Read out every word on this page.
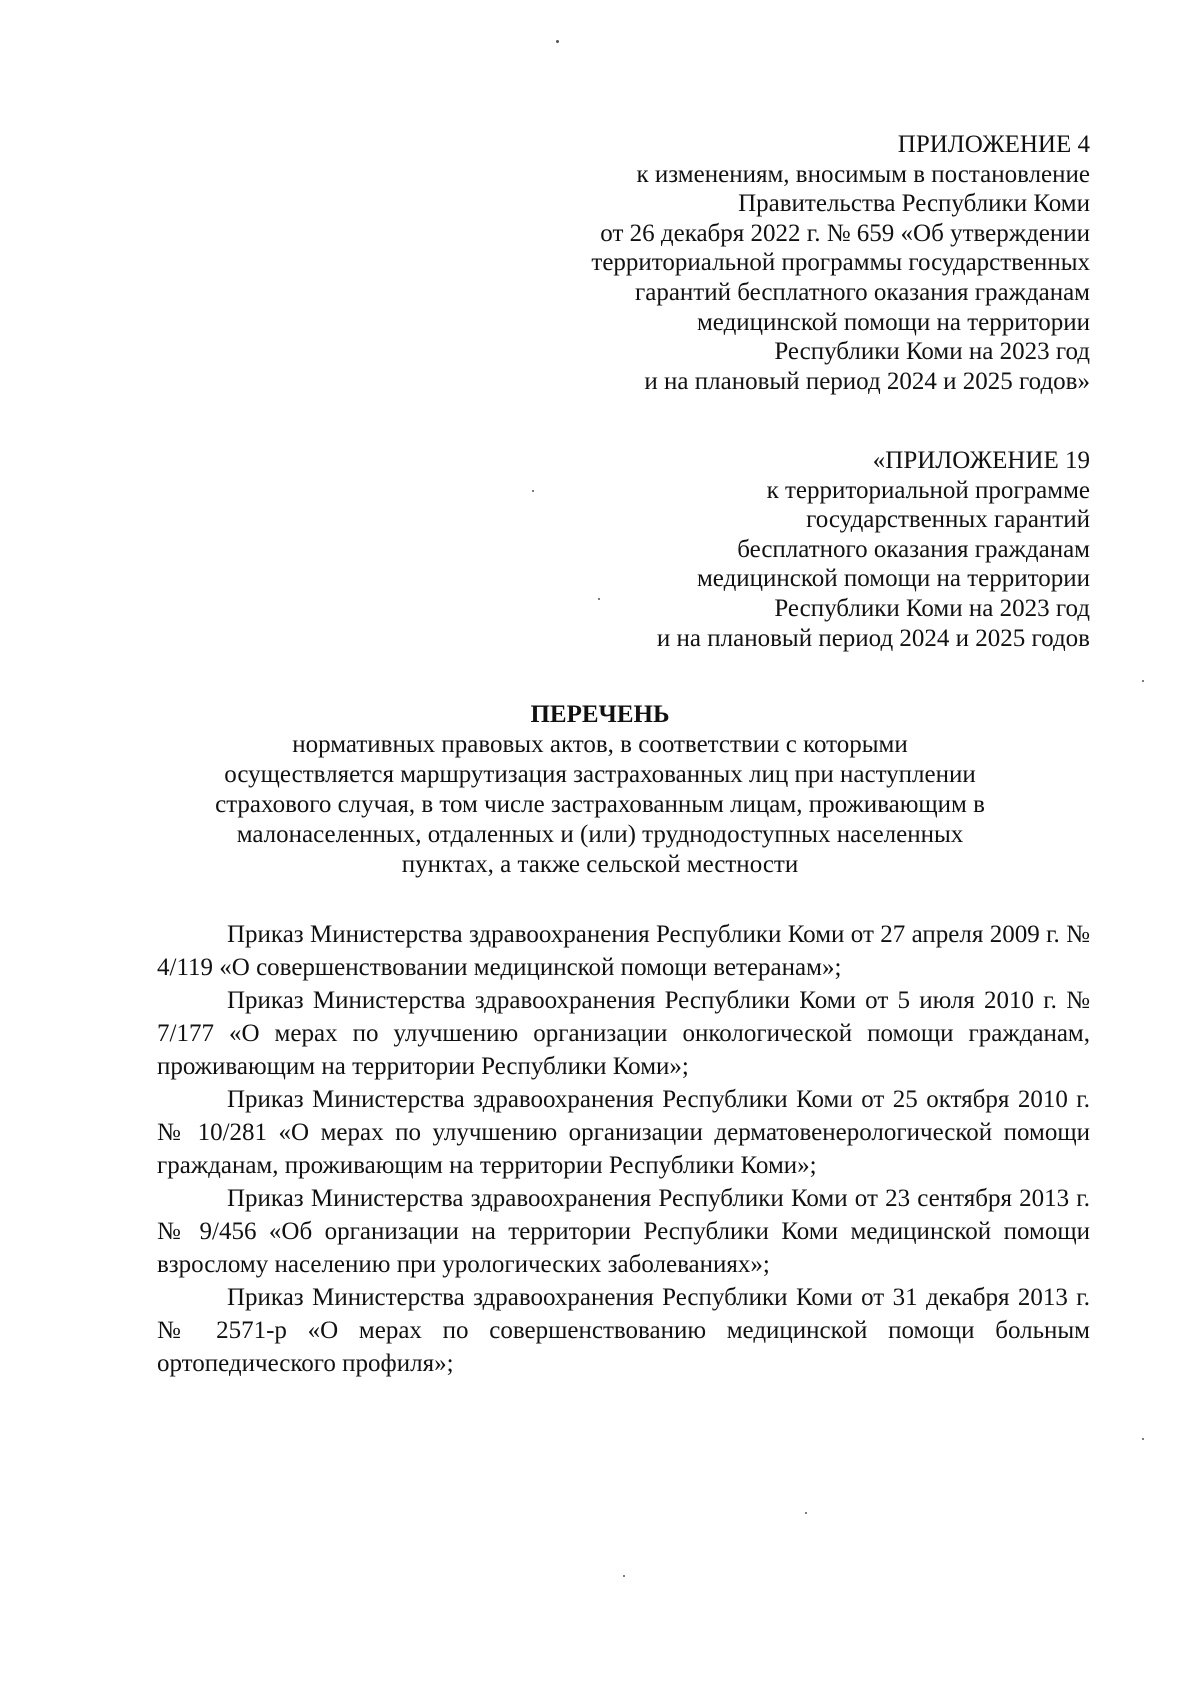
ПРИЛОЖЕНИЕ 4
к изменениям, вносимым в постановление
Правительства Республики Коми
от 26 декабря 2022 г. № 659 «Об утверждении
территориальной программы государственных
гарантий бесплатного оказания гражданам
медицинской помощи на территории
Республики Коми на 2023 год
и на плановый период 2024 и 2025 годов»
«ПРИЛОЖЕНИЕ 19
к территориальной программе
государственных гарантий
бесплатного оказания гражданам
медицинской помощи на территории
Республики Коми на 2023 год
и на плановый период 2024 и 2025 годов
ПЕРЕЧЕНЬ
нормативных правовых актов, в соответствии с которыми
осуществляется маршрутизация застрахованных лиц при наступлении
страхового случая, в том числе застрахованным лицам, проживающим в
малонаселенных, отдаленных и (или) труднодоступных населенных
пунктах, а также сельской местности
Приказ Министерства здравоохранения Республики Коми от 27 апреля 2009 г. № 4/119 «О совершенствовании медицинской помощи ветеранам»;
Приказ Министерства здравоохранения Республики Коми от 5 июля 2010 г. № 7/177 «О мерах по улучшению организации онкологической помощи гражданам, проживающим на территории Республики Коми»;
Приказ Министерства здравоохранения Республики Коми от 25 октября 2010 г. № 10/281 «О мерах по улучшению организации дерматовенерологической помощи гражданам, проживающим на территории Республики Коми»;
Приказ Министерства здравоохранения Республики Коми от 23 сентября 2013 г. № 9/456 «Об организации на территории Республики Коми медицинской помощи взрослому населению при урологических заболеваниях»;
Приказ Министерства здравоохранения Республики Коми от 31 декабря 2013 г. № 2571-р «О мерах по совершенствованию медицинской помощи больным ортопедического профиля»;
